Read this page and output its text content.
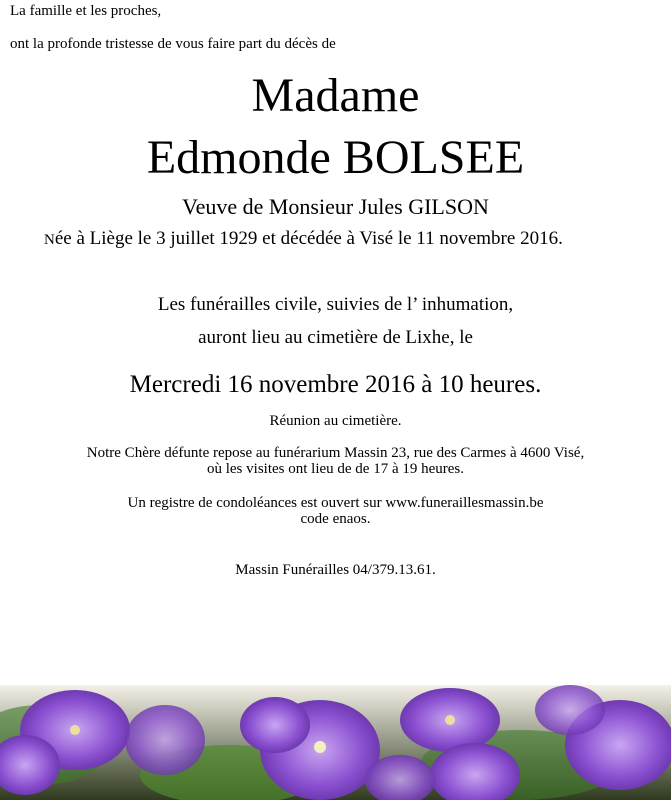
La famille et les proches,
ont la profonde tristesse de vous faire part du décès de
Madame
Edmonde BOLSEE
Veuve de Monsieur Jules GILSON
Née à Liège le 3 juillet 1929 et décédée à Visé le 11 novembre 2016.
Les funérailles civile, suivies de l’ inhumation,
auront lieu au cimetière de Lixhe, le
Mercredi 16 novembre 2016 à 10 heures.
Réunion au cimetière.
Notre Chère défunte repose au funérarium Massin 23, rue des Carmes à 4600 Visé,
où les visites ont lieu de de 17 à 19 heures.
Un registre de condoléances est ouvert sur www.funeraillesmassin.be
code enaos.
Massin Funérailles 04/379.13.61.
